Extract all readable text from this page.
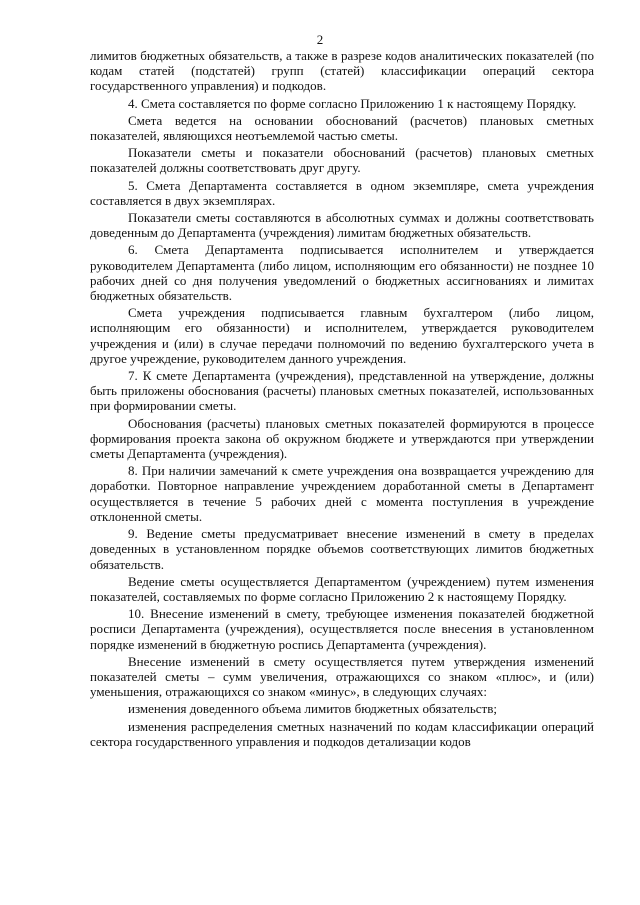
2

лимитов бюджетных обязательств, а также в разрезе кодов аналитических показателей (по кодам статей (подстатей) групп (статей) классификации операций сектора государственного управления) и подкодов.

4. Смета составляется по форме согласно Приложению 1 к настоящему Порядку.

Смета ведется на основании обоснований (расчетов) плановых сметных показателей, являющихся неотъемлемой частью сметы.

Показатели сметы и показатели обоснований (расчетов) плановых сметных показателей должны соответствовать друг другу.

5. Смета Департамента составляется в одном экземпляре, смета учреждения составляется в двух экземплярах.

Показатели сметы составляются в абсолютных суммах и должны соответствовать доведенным до Департамента (учреждения) лимитам бюджетных обязательств.

6. Смета Департамента подписывается исполнителем и утверждается руководителем Департамента (либо лицом, исполняющим его обязанности) не позднее 10 рабочих дней со дня получения уведомлений о бюджетных ассигнованиях и лимитах бюджетных обязательств.

Смета учреждения подписывается главным бухгалтером (либо лицом, исполняющим его обязанности) и исполнителем, утверждается руководителем учреждения и (или) в случае передачи полномочий по ведению бухгалтерского учета в другое учреждение, руководителем данного учреждения.

7. К смете Департамента (учреждения), представленной на утверждение, должны быть приложены обоснования (расчеты) плановых сметных показателей, использованных при формировании сметы.

Обоснования (расчеты) плановых сметных показателей формируются в процессе формирования проекта закона об окружном бюджете и утверждаются при утверждении сметы Департамента (учреждения).

8. При наличии замечаний к смете учреждения она возвращается учреждению для доработки. Повторное направление учреждением доработанной сметы в Департамент осуществляется в течение 5 рабочих дней с момента поступления в учреждение отклоненной сметы.

9. Ведение сметы предусматривает внесение изменений в смету в пределах доведенных в установленном порядке объемов соответствующих лимитов бюджетных обязательств.

Ведение сметы осуществляется Департаментом (учреждением) путем изменения показателей, составляемых по форме согласно Приложению 2 к настоящему Порядку.

10. Внесение изменений в смету, требующее изменения показателей бюджетной росписи Департамента (учреждения), осуществляется после внесения в установленном порядке изменений в бюджетную роспись Департамента (учреждения).

Внесение изменений в смету осуществляется путем утверждения изменений показателей сметы – сумм увеличения, отражающихся со знаком «плюс», и (или) уменьшения, отражающихся со знаком «минус», в следующих случаях:

изменения доведенного объема лимитов бюджетных обязательств;

изменения распределения сметных назначений по кодам классификации операций сектора государственного управления и подкодов детализации кодов
